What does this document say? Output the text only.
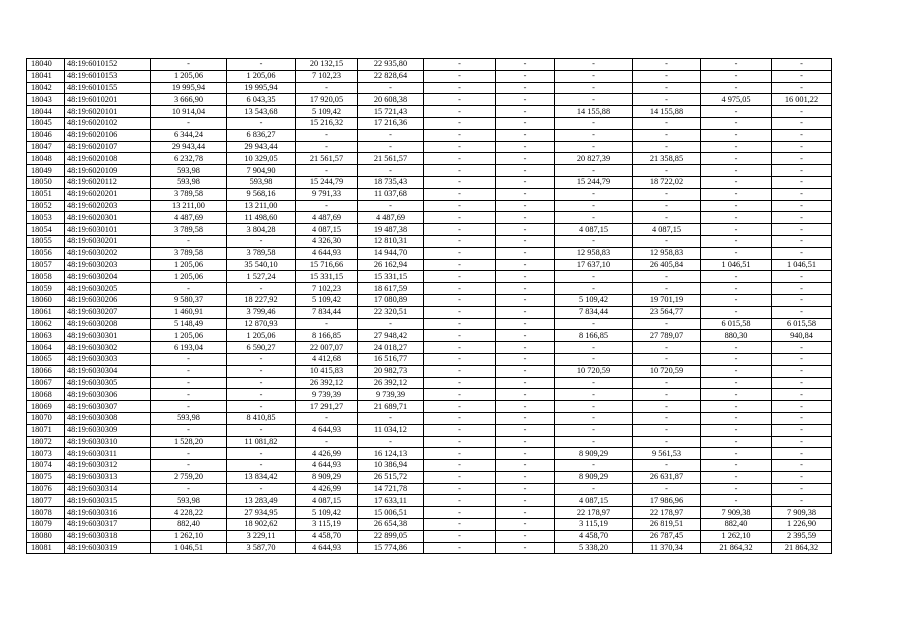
18040	48:19:6010152	-	-	20 132,15	22 935,80	-	-	-	-	-	-
18041	48:19:6010153	1 205,06	1 205,06	7 102,23	22 828,64	-	-	-	-	-	-
18042	48:19:6010155	19 995,94	19 995,94	-	-	-	-	-	-	-	-
18043	48:19:6010201	3 666,90	6 043,35	17 920,05	20 608,38	-	-	-	-	4 975,05	16 001,22
18044	48:19:6020101	10 914,04	13 543,68	5 109,42	15 721,43	-	-	14 155,88	14 155,88	-	-
18045	48:19:6020102	-	-	15 216,32	17 216,36	-	-	-	-	-	-
18046	48:19:6020106	6 344,24	6 836,27	-	-	-	-	-	-	-	-
18047	48:19:6020107	29 943,44	29 943,44	-	-	-	-	-	-	-	-
18048	48:19:6020108	6 232,78	10 329,05	21 561,57	21 561,57	-	-	20 827,39	21 358,85	-	-
18049	48:19:6020109	593,98	7 904,90	-	-	-	-	-	-	-	-
18050	48:19:6020112	593,98	593,98	15 244,79	18 735,43	-	-	15 244,79	18 722,02	-	-
18051	48:19:6020201	3 789,58	9 568,16	9 791,33	11 037,68	-	-	-	-	-	-
18052	48:19:6020203	13 211,00	13 211,00	-	-	-	-	-	-	-	-
18053	48:19:6020301	4 487,69	11 498,60	4 487,69	4 487,69	-	-	-	-	-	-
18054	48:19:6030101	3 789,58	3 804,28	4 087,15	19 487,38	-	-	4 087,15	4 087,15	-	-
18055	48:19:6030201	-	-	4 326,30	12 810,31	-	-	-	-	-	-
18056	48:19:6030202	3 789,58	3 789,58	4 644,93	14 944,70	-	-	12 958,83	12 958,83	-	-
18057	48:19:6030203	1 205,06	35 540,10	15 716,66	26 162,94	-	-	17 637,10	26 405,84	1 046,51	1 046,51
18058	48:19:6030204	1 205,06	1 527,24	15 331,15	15 331,15	-	-	-	-	-	-
18059	48:19:6030205	-	-	7 102,23	18 617,59	-	-	-	-	-	-
18060	48:19:6030206	9 580,37	18 227,92	5 109,42	17 080,89	-	-	5 109,42	19 701,19	-	-
18061	48:19:6030207	1 460,91	3 799,46	7 834,44	22 320,51	-	-	7 834,44	23 564,77	-	-
18062	48:19:6030208	5 148,49	12 870,93	-	-	-	-	-	-	6 015,58	6 015,58
18063	48:19:6030301	1 205,06	1 205,06	8 166,85	27 948,42	-	-	8 166,85	27 789,07	880,30	940,84
18064	48:19:6030302	6 193,04	6 590,27	22 007,07	24 018,27	-	-	-	-	-	-
18065	48:19:6030303	-	-	4 412,68	16 516,77	-	-	-	-	-	-
18066	48:19:6030304	-	-	10 415,83	20 982,73	-	-	10 720,59	10 720,59	-	-
18067	48:19:6030305	-	-	26 392,12	26 392,12	-	-	-	-	-	-
18068	48:19:6030306	-	-	9 739,39	9 739,39	-	-	-	-	-	-
18069	48:19:6030307	-	-	17 291,27	21 689,71	-	-	-	-	-	-
18070	48:19:6030308	593,98	8 410,85	-	-	-	-	-	-	-	-
18071	48:19:6030309	-	-	4 644,93	11 034,12	-	-	-	-	-	-
18072	48:19:6030310	1 528,20	11 081,82	-	-	-	-	-	-	-	-
18073	48:19:6030311	-	-	4 426,99	16 124,13	-	-	8 909,29	9 561,53	-	-
18074	48:19:6030312	-	-	4 644,93	10 386,94	-	-	-	-	-	-
18075	48:19:6030313	2 759,20	13 834,42	8 909,29	26 515,72	-	-	8 909,29	26 631,87	-	-
18076	48:19:6030314	-	-	4 426,99	14 721,78	-	-	-	-	-	-
18077	48:19:6030315	593,98	13 283,49	4 087,15	17 633,11	-	-	4 087,15	17 986,96	-	-
18078	48:19:6030316	4 228,22	27 934,95	5 109,42	15 006,51	-	-	22 178,97	22 178,97	7 909,38	7 909,38
18079	48:19:6030317	882,40	18 902,62	3 115,19	26 654,38	-	-	3 115,19	26 819,51	882,40	1 226,90
18080	48:19:6030318	1 262,10	3 229,11	4 458,70	22 899,05	-	-	4 458,70	26 787,45	1 262,10	2 395,59
18081	48:19:6030319	1 046,51	3 587,70	4 644,93	15 774,86	-	-	5 338,20	11 370,34	21 864,32	21 864,32
